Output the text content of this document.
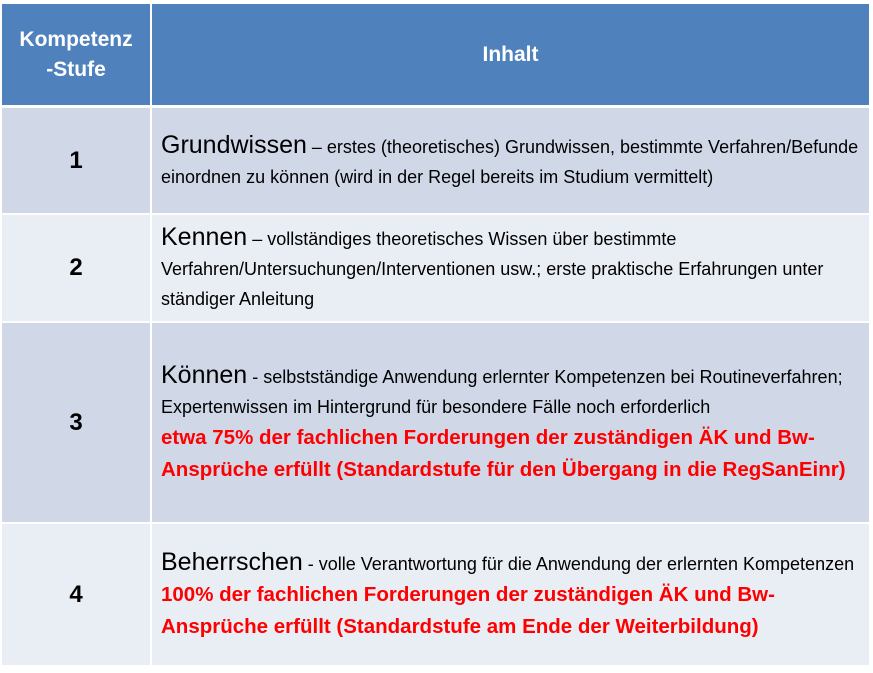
Kompetenz
-Stufe	Inhalt
1	Grundwissen – erstes (theoretisches) Grundwissen, bestimmte Verfahren/Befunde einordnen zu können (wird in der Regel bereits im Studium vermittelt)
2	Kennen – vollständiges theoretisches Wissen über bestimmte Verfahren/Untersuchungen/Interventionen usw.; erste praktische Erfahrungen unter ständiger Anleitung
3	Können - selbstständige Anwendung erlernter Kompetenzen bei Routineverfahren; Expertenwissen im Hintergrund für besondere Fälle noch erforderlich
etwa 75% der fachlichen Forderungen der zuständigen ÄK und Bw-Ansprüche erfüllt (Standardstufe für den Übergang in die RegSanEinr)

4	Beherrschen - volle Verantwortung für die Anwendung der erlernten Kompetenzen
100% der fachlichen Forderungen der zuständigen ÄK und Bw-Ansprüche erfüllt (Standardstufe am Ende der Weiterbildung)
